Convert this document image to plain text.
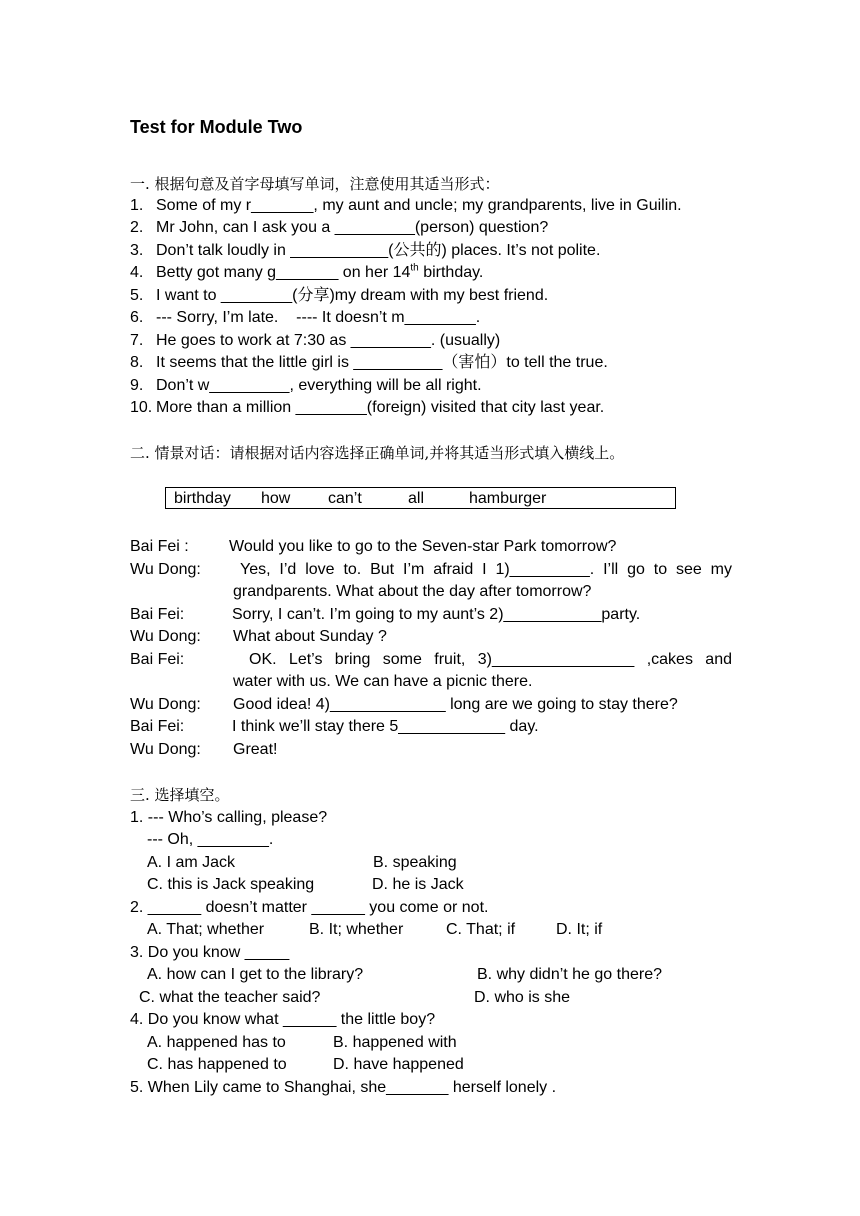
Test for Module Two
一. 根据句意及首字母填写单词，注意使用其适当形式：
1. Some of my r_______, my aunt and uncle; my grandparents, live in Guilin.
2. Mr John, can I ask you a _________(person) question?
3. Don’t talk loudly in ___________(公共的) places. It’s not polite.
4. Betty got many g_______ on her 14th birthday.
5. I want to ________(分享)my dream with my best friend.
6. --- Sorry, I’m late.    ---- It doesn’t m________.
7. He goes to work at 7:30 as _________. (usually)
8. It seems that the little girl is __________（害怕）to tell the true.
9. Don’t w_________, everything will be all right.
10. More than a million ________(foreign) visited that city last year.
二. 情景对话：请根据对话内容选择正确单词,并将其适当形式填入横线上。
birthday how can’t	all	hamburger
Bai Fei :	Would you like to go to the Seven-star Park tomorrow?
Wu Dong: Yes, I’d love to. But I’m afraid I 1)_________. I’ll go to see my
grandparents. What about the day after tomorrow?
Bai Fei:	Sorry, I can’t. I’m going to my aunt’s 2)___________party.
Wu Dong: What about Sunday ?
Bai Fei:	OK. Let’s bring some fruit, 3)________________ ,cakes and
water with us. We can have a picnic there.
Wu Dong: Good idea! 4)_____________ long are we going to stay there?
Bai Fei:	I think we’ll stay there 5____________ day.
Wu Dong: Great!
三. 选择填空。
1. --- Who’s calling, please?
--- Oh, ________.
A. I am Jack	B. speaking
C. this is Jack speaking	D. he is Jack
2. ______ doesn’t matter ______ you come or not.
A. That; whether	B. It; whether	C. That; if	D. It; if
3. Do you know _____
A. how can I get to the library?	B. why didn’t he go there?
C. what the teacher said?	D. who is she
4. Do you know what ______ the little boy?
A. happened has to	B. happened with
C. has happened to	D. have happened
5. When Lily came to Shanghai, she_______ herself lonely .
